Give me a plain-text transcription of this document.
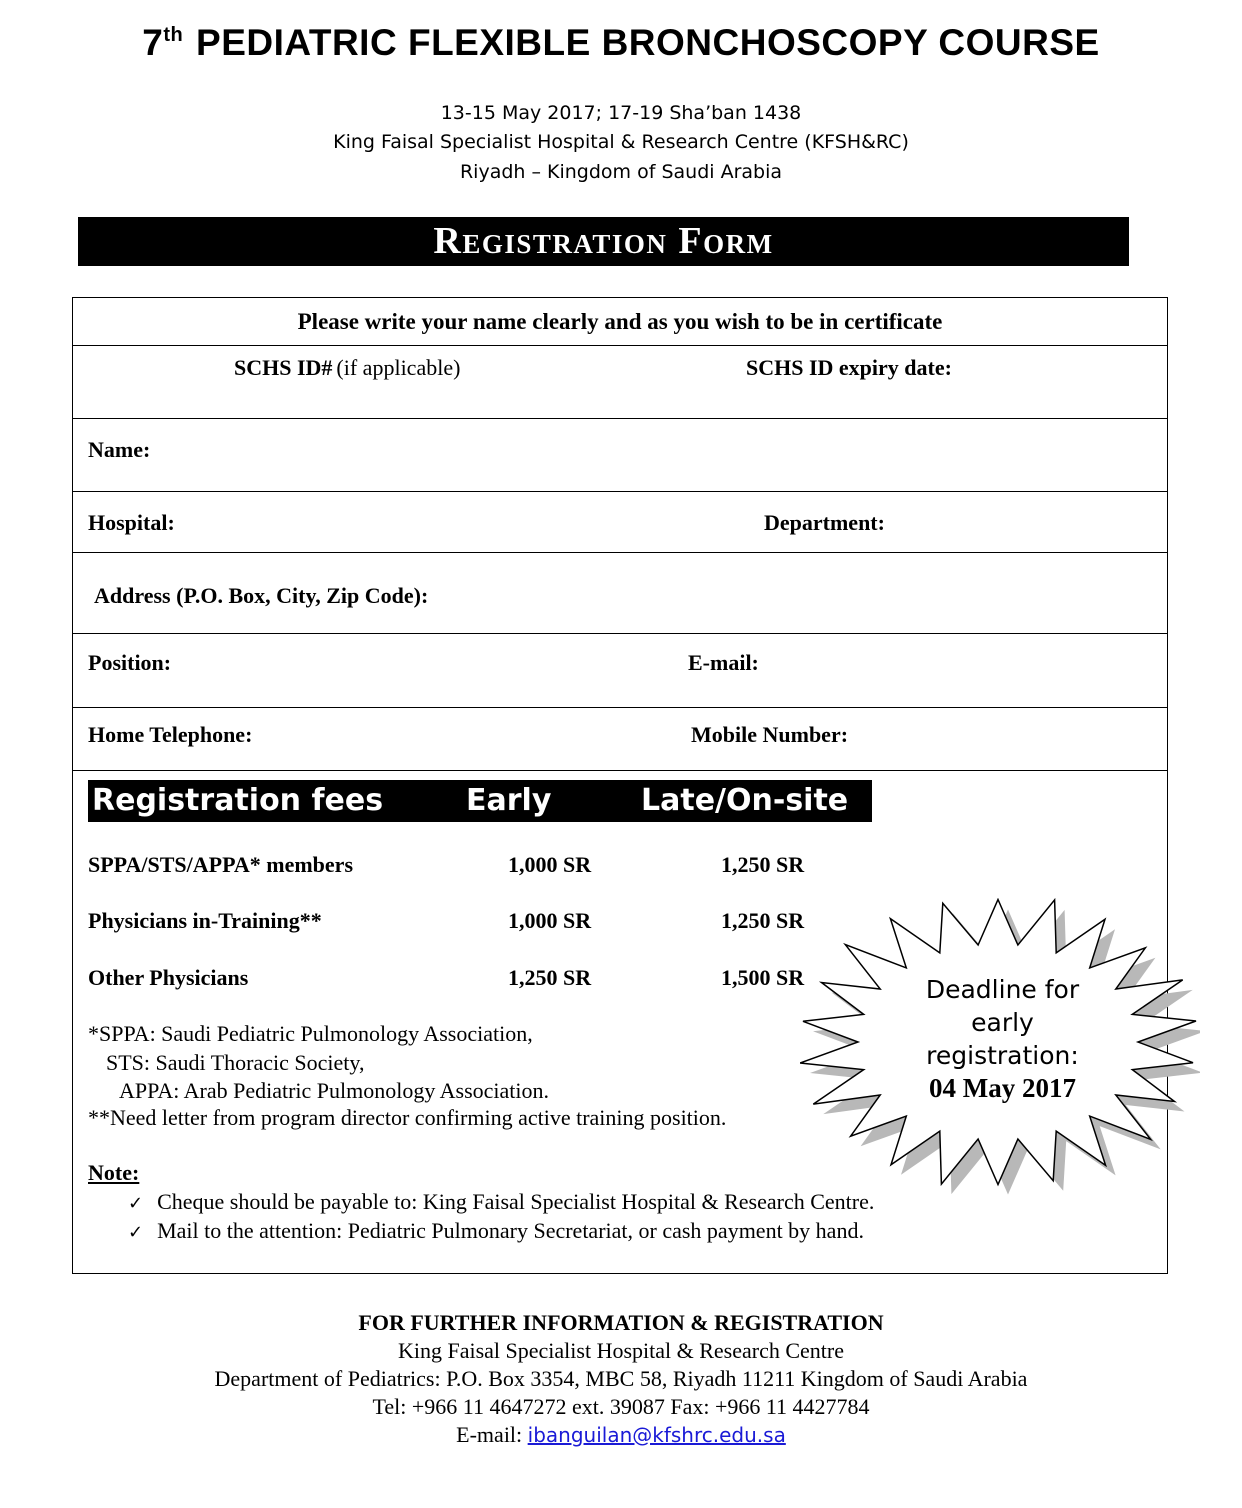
7th PEDIATRIC FLEXIBLE BRONCHOSCOPY COURSE
13-15 May 2017; 17-19 Sha’ban 1438
King Faisal Specialist Hospital & Research Centre (KFSH&RC)
Riyadh – Kingdom of Saudi Arabia
Registration Form
Please write your name clearly and as you wish to be in certificate
SCHS ID# (if applicable)	SCHS ID expiry date:
Name:
Hospital:	Department:
Address (P.O. Box, City, Zip Code):
Position:	E-mail:
Home Telephone:	Mobile Number:
Registration fees	Early	Late/On-site
SPPA/STS/APPA* members	1,000 SR	1,250 SR
Physicians in-Training**	1,000 SR	1,250 SR
Other Physicians	1,250 SR	1,500 SR
*SPPA: Saudi Pediatric Pulmonology Association,
STS: Saudi Thoracic Society,
APPA: Arab Pediatric Pulmonology Association.
**Need letter from program director confirming active training position.
Note:
✓ Cheque should be payable to: King Faisal Specialist Hospital & Research Centre.
✓ Mail to the attention: Pediatric Pulmonary Secretariat, or cash payment by hand.
Deadline for
early
registration:
04 May 2017
FOR FURTHER INFORMATION & REGISTRATION
King Faisal Specialist Hospital & Research Centre
Department of Pediatrics: P.O. Box 3354, MBC 58, Riyadh 11211 Kingdom of Saudi Arabia
Tel: +966 11 4647272 ext. 39087 Fax: +966 11 4427784
E-mail: ibanguilan@kfshrc.edu.sa
